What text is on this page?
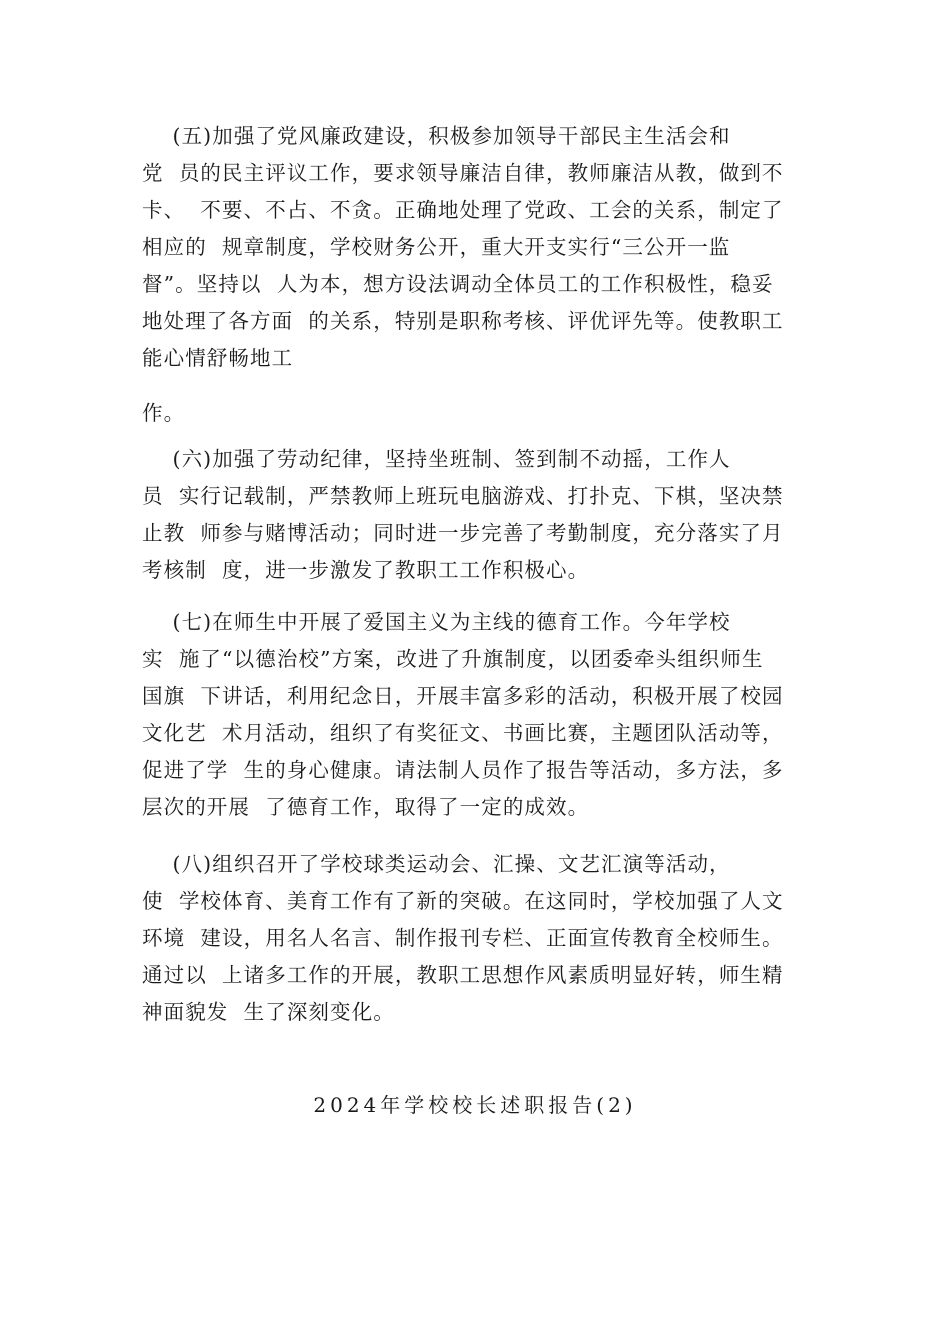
(五)加强了党风廉政建设，积极参加领导干部民主生活会和
党  员的民主评议工作，要求领导廉洁自律，教师廉洁从教，做到不
卡、  不要、不占、不贪。正确地处理了党政、工会的关系，制定了
相应的  规章制度，学校财务公开，重大开支实行“三公开一监
督”。坚持以  人为本，想方设法调动全体员工的工作积极性，稳妥
地处理了各方面  的关系，特别是职称考核、评优评先等。使教职工
能心情舒畅地工
作。
(六)加强了劳动纪律，坚持坐班制、签到制不动摇，工作人
员  实行记载制，严禁教师上班玩电脑游戏、打扑克、下棋，坚决禁
止教  师参与赌博活动；同时进一步完善了考勤制度，充分落实了月
考核制  度，进一步激发了教职工工作积极心。
(七)在师生中开展了爱国主义为主线的德育工作。今年学校
实  施了“以德治校”方案，改进了升旗制度，以团委牵头组织师生
国旗  下讲话，利用纪念日，开展丰富多彩的活动，积极开展了校园
文化艺  术月活动，组织了有奖征文、书画比赛，主题团队活动等，
促进了学  生的身心健康。请法制人员作了报告等活动，多方法，多
层次的开展  了德育工作，取得了一定的成效。
(八)组织召开了学校球类运动会、汇操、文艺汇演等活动，
使  学校体育、美育工作有了新的突破。在这同时，学校加强了人文
环境  建设，用名人名言、制作报刊专栏、正面宣传教育全校师生。
通过以  上诸多工作的开展，教职工思想作风素质明显好转，师生精
神面貌发  生了深刻变化。
2024年学校校长述职报告(2)
